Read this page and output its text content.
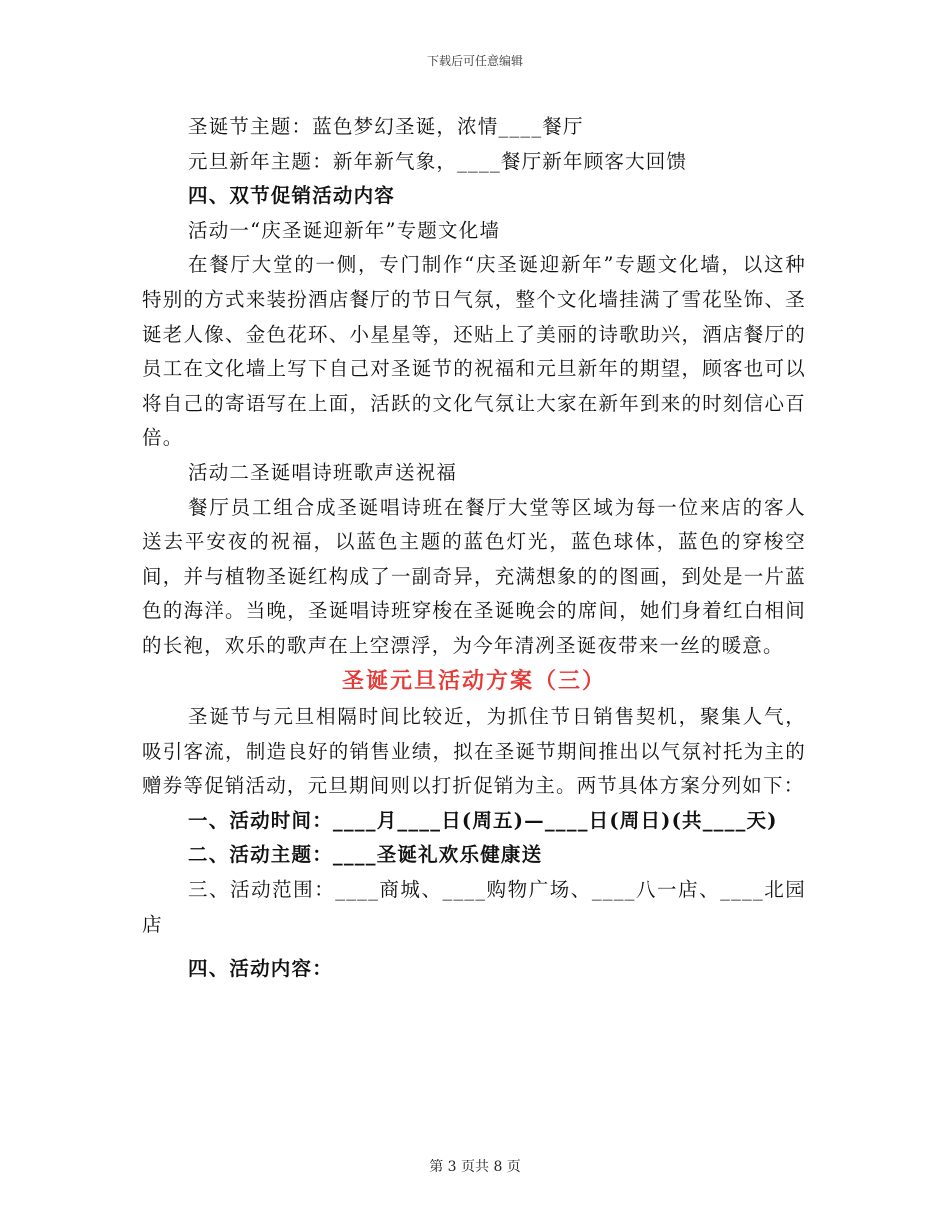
下载后可任意编辑

圣诞节主题：蓝色梦幻圣诞，浓情____餐厅

元旦新年主题：新年新气象，____餐厅新年顾客大回馈

四、双节促销活动内容

活动一“庆圣诞迎新年”专题文化墙

在餐厅大堂的一侧，专门制作“庆圣诞迎新年”专题文化墙，以这种特别的方式来装扮酒店餐厅的节日气氛，整个文化墙挂满了雪花坠饰、圣诞老人像、金色花环、小星星等，还贴上了美丽的诗歌助兴，酒店餐厅的员工在文化墙上写下自己对圣诞节的祝福和元旦新年的期望，顾客也可以将自己的寄语写在上面，活跃的文化气氛让大家在新年到来的时刻信心百倍。

活动二圣诞唱诗班歌声送祝福

餐厅员工组合成圣诞唱诗班在餐厅大堂等区域为每一位来店的客人送去平安夜的祝福，以蓝色主题的蓝色灯光，蓝色球体，蓝色的穿梭空间，并与植物圣诞红构成了一副奇异，充满想象的的图画，到处是一片蓝色的海洋。当晚，圣诞唱诗班穿梭在圣诞晚会的席间，她们身着红白相间的长袍，欢乐的歌声在上空漂浮，为今年清冽圣诞夜带来一丝的暖意。

圣诞元旦活动方案（三）

圣诞节与元旦相隔时间比较近，为抓住节日销售契机，聚集人气，吸引客流，制造良好的销售业绩，拟在圣诞节期间推出以气氛衬托为主的赠券等促销活动，元旦期间则以打折促销为主。两节具体方案分列如下：

一、活动时间：____月____日(周五)—____日(周日)(共____天)

二、活动主题：____圣诞礼欢乐健康送

三、活动范围：____商城、____购物广场、____八一店、____北园店

四、活动内容：

第 3 页共 8 页
